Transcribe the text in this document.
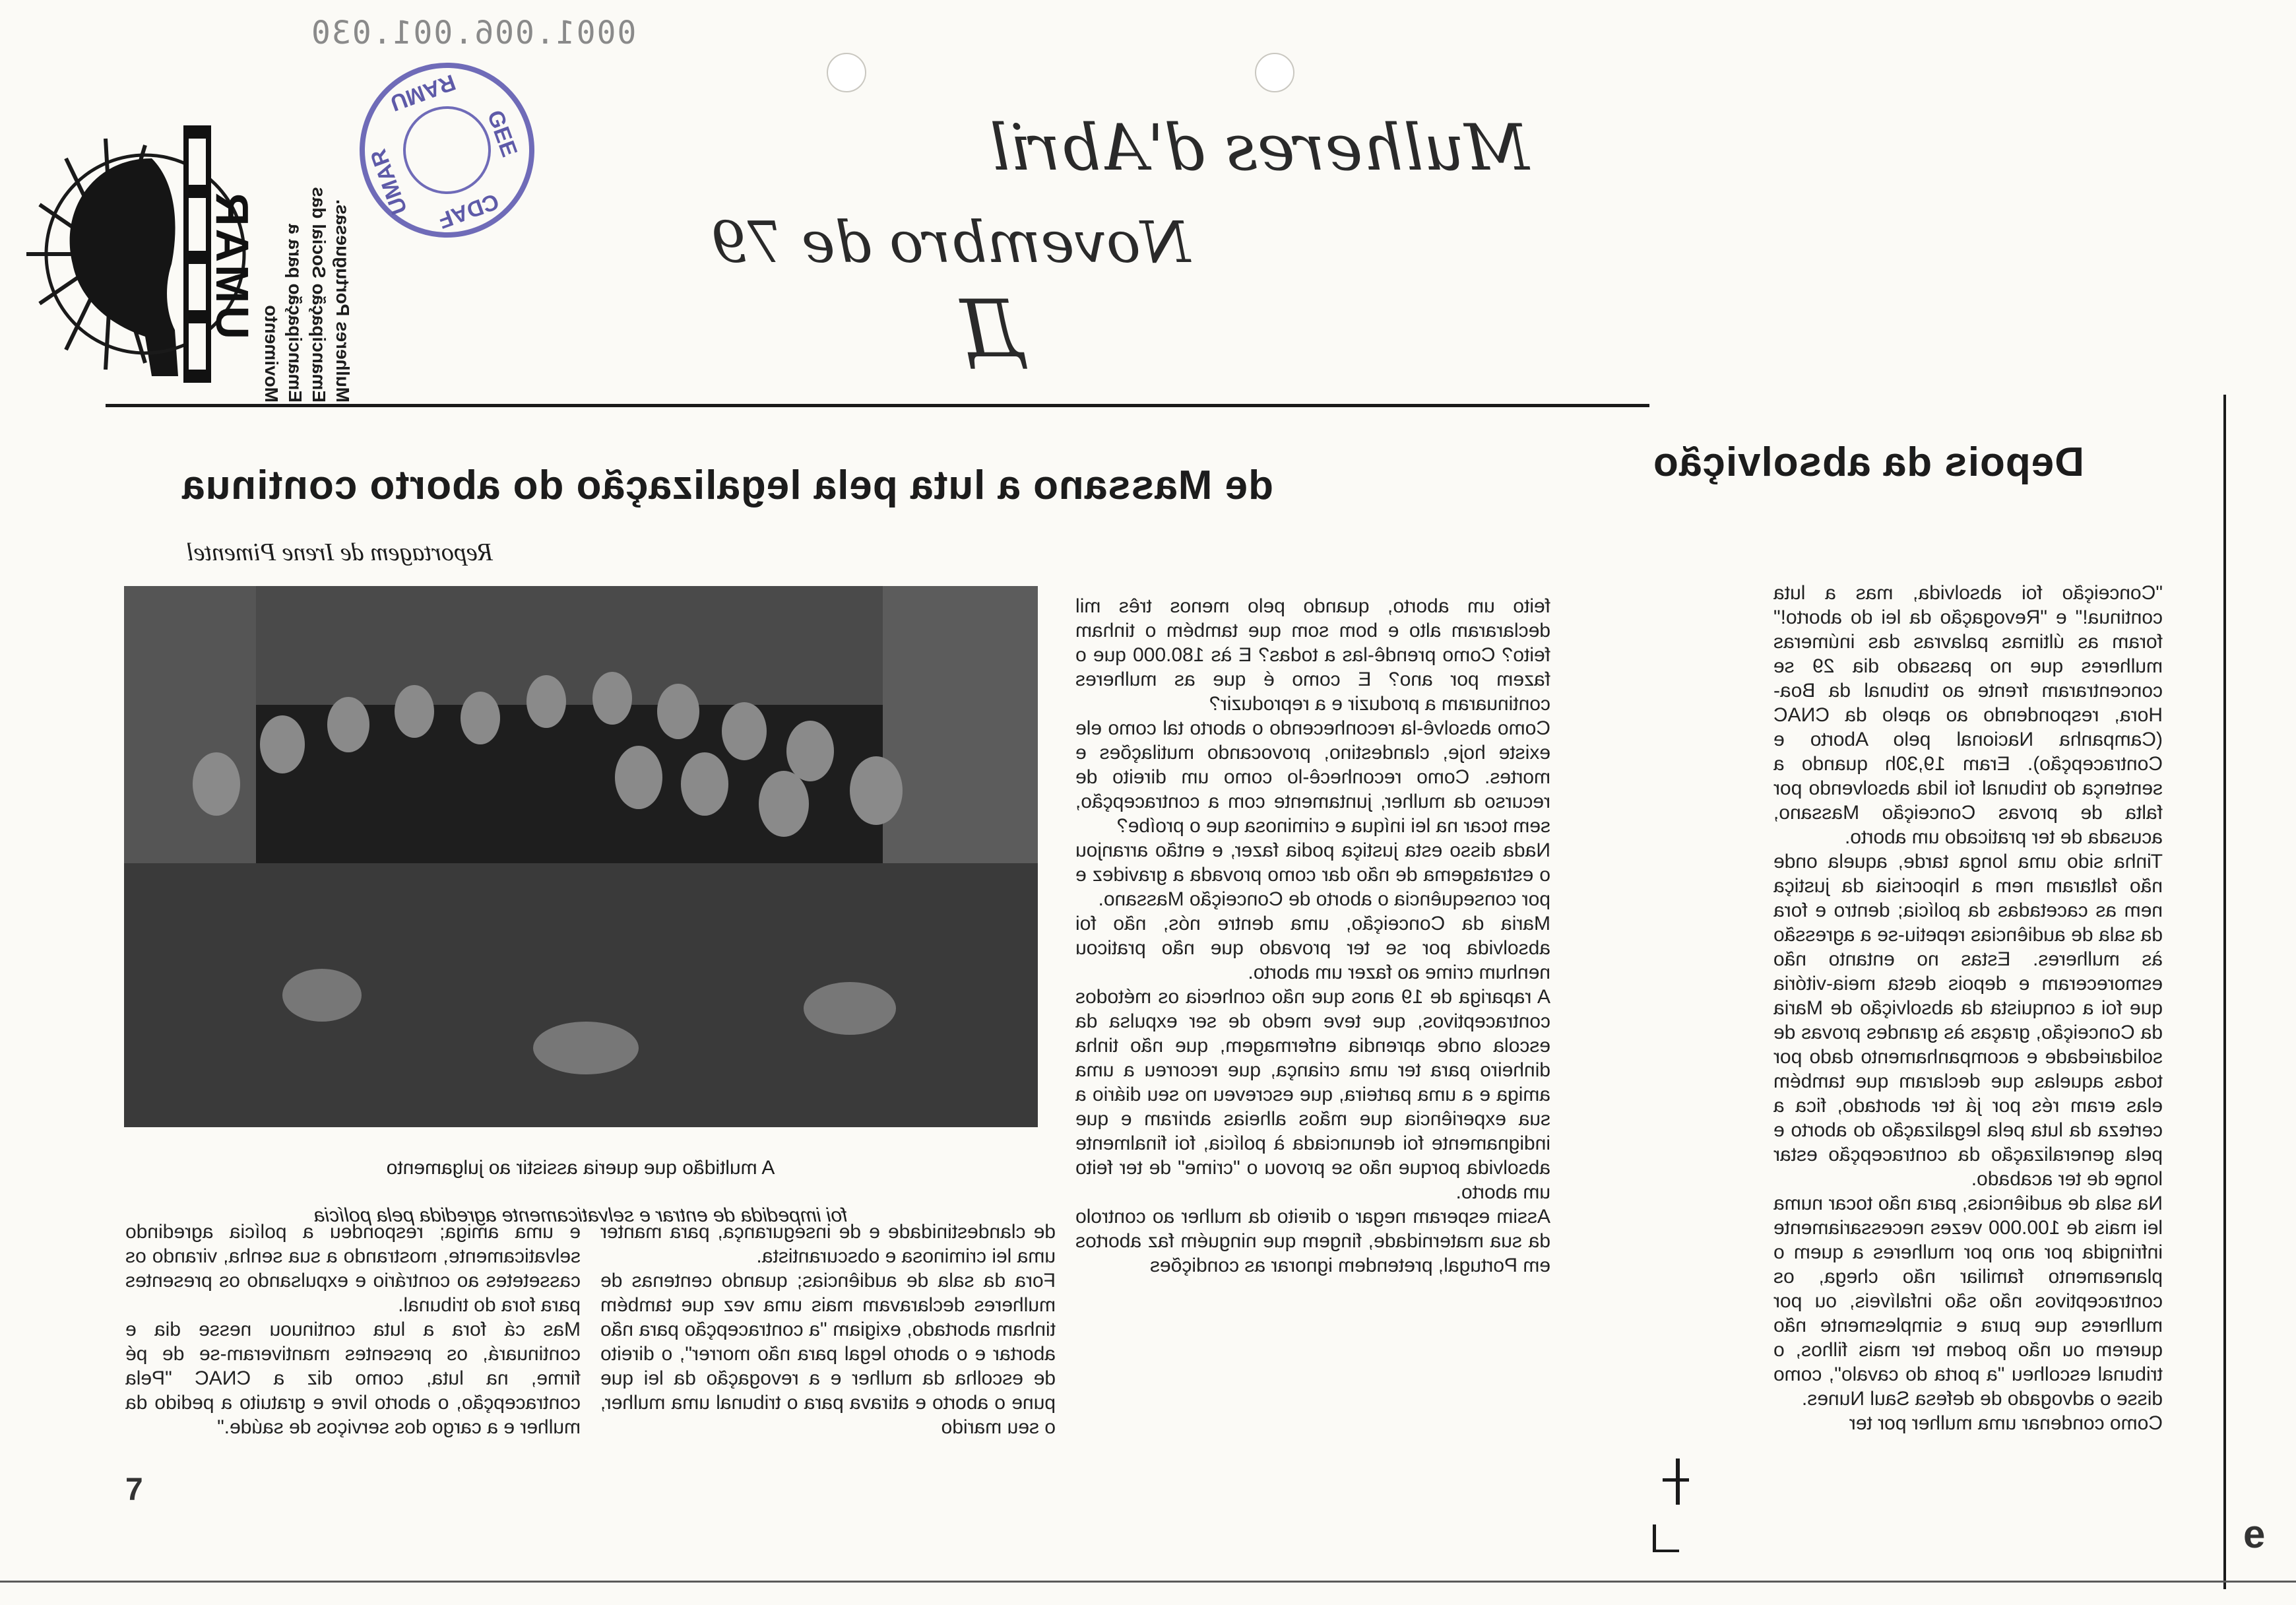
0001.006.001.030
CDAF
UMAR
GEE
RAMU
Mulheres d'Abril
Novembro de 79
Д
UMAR
Movimento Emancipação para a Emancipação Social das Mulheres Portuguesas.
Depois da absolvição
de Massano a luta pela legalização do aborto continua
Reportagem de Irene Pimentel

A multidão que queria assistir ao julgamento

foi impedida de entrar e selvaticamente agredida pela polícia

"Conceição foi absolvida, mas a luta continua!" e "Revogação da lei do aborto!" foram as últimas palavras das inúmeras mulheres que no passado dia 29 se concentraram frente ao tribunal da Boa-Hora, respondendo ao apelo da CNAC (Campanha Nacional pelo Aborto e Contracepção). Eram 19,30h quando a sentença do tribunal foi lida absolvendo por falta de provas Conceição Massano, acusada de ter praticado um aborto.
Tinha sido uma longa tarde, aquela onde não faltaram nem a hipocrisia da justiça nem as cacetadas da polícia; dentro e fora da sala de audiências repetiu-se a agressão às mulheres. Estas no entanto não esmoreceram e depois desta meia-vitória que foi a conquista da absolvição de Maria da Conceição, graças às grandes provas de solidariedade e acompanhamento dado por todas aquelas que declaram que também elas eram rés por já ter abortado, fica a certeza da luta pela legalização do aborto e pela generalização da contracepção estar longe de ter acabado.
Na sala de audiências, para não tocar numa lei mais de 100.000 vezes necessariamente infringida por ano por mulheres a quem o planeamento familiar não chega, os contraceptivos não são infalíveis, ou por mulheres que pura e simplesmente não querem ou não podem ter mais filhos, o tribunal escolheu "a porta do cavalo", como disse o advogado de defesa Saul Nunes.
Como condenar uma mulher por ter
feito um aborto, quando pelo menos três mil declararam alto e bom som que também o tinham feito? Como prendê-las a todas? E às 180.000 que o fazem por ano? E como é que as mulheres continuaram a produzir e a reproduzir?
Como absolvê-la reconhecendo o aborto tal como ele existe hoje, clandestino, provocando mutilações e mortes. Como reconhecê-lo como um direito de recurso da mulher, juntamente com a contracepção, sem tocar na lei iníqua e criminosa que o proíbe?
Nada disso esta justiça podia fazer, e então arranjou o estratagema de não dar como provada a gravidez e por consequência o aborto de Conceição Massano.
Maria da Conceição, uma dentre nós, não foi absolvida por se ter provado que não praticou nenhum crime ao fazer um aborto.
A rapariga de 19 anos que não conhecia os métodos contraceptivos, que teve medo de ser expulsa da escola onde aprendia enfermagem, que não tinha dinheiro para ter uma criança, que recorreu a uma amiga e a uma parteira, que escreveu no seu diário a sua experiência que mãos alheias abriram e que indignamente foi denunciada à polícia, foi finalmente absolvida porque não se provou o "crime" de ter feito um aborto.
Assim esperam negar o direito da mulher ao controlo da sua maternidade, fingem que ninguém faz abortos em Portugal, pretendem ignorar as condições
de clandestinidade e de insegurança, para manter uma lei criminosa e obscurantista.
Fora da sala de audiências; quando centenas de mulheres declaravam mais uma vez que também tinham abortado, exigiam "a contracepção para não abortar e o aborto legal para não morrer", o direito de escolha da mulher e a revogação da lei que pune o aborto e atirava para o tribunal uma mulher, o seu marido
e uma amiga; respondeu a polícia agredindo selvaticamente, mostrando a sua senha, virando os cassetetes ao contrário e expulsando os presentes para fora do tribunal.
Mas cá fora a luta continuou nesse dia e continuará, os presentes mantiveram-se de pé firme, na luta, como diz a CNAC "Pela contracepção, o aborto livre e gratuito a pedido da mulher e a cargo dos serviços de saúde."
e
7
